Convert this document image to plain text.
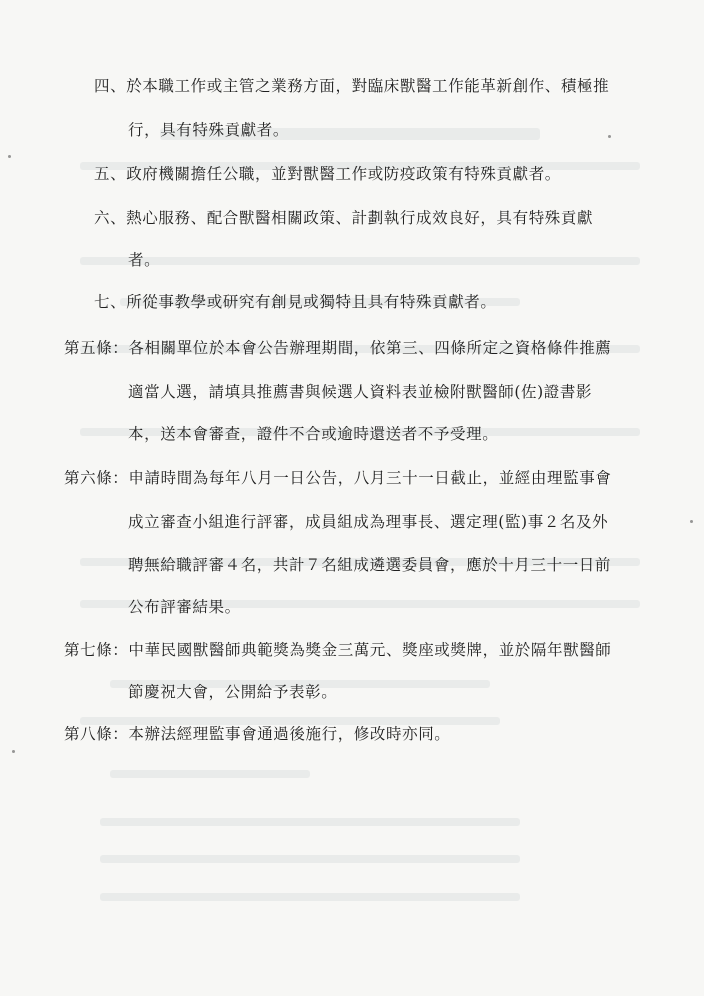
四、於本職工作或主管之業務方面，對臨床獸醫工作能革新創作、積極推
行，具有特殊貢獻者。
五、政府機關擔任公職，並對獸醫工作或防疫政策有特殊貢獻者。
六、熱心服務、配合獸醫相關政策、計劃執行成效良好，具有特殊貢獻
者。
七、所從事教學或研究有創見或獨特且具有特殊貢獻者。
第五條：各相關單位於本會公告辦理期間，依第三、四條所定之資格條件推薦
適當人選，請填具推薦書與候選人資料表並檢附獸醫師(佐)證書影
本，送本會審查，證件不合或逾時還送者不予受理。
第六條：申請時間為每年八月一日公告，八月三十一日截止，並經由理監事會
成立審查小組進行評審，成員組成為理事長、選定理(監)事２名及外
聘無給職評審４名，共計７名組成遴選委員會，應於十月三十一日前
公布評審結果。
第七條：中華民國獸醫師典範獎為獎金三萬元、獎座或獎牌，並於隔年獸醫師
節慶祝大會，公開給予表彰。
第八條：本辦法經理監事會通過後施行，修改時亦同。
